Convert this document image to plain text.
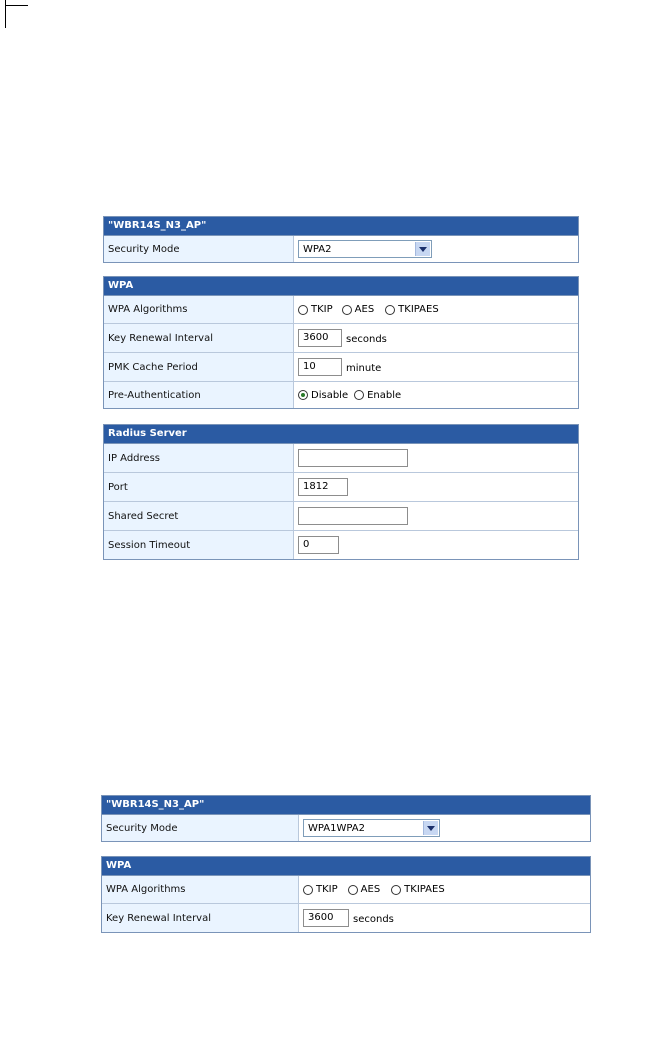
"WBR14S_N3_AP"
Security Mode	WPA2
WPA
WPA Algorithms	TKIP AES TKIPAES
Key Renewal Interval	3600	seconds
PMK Cache Period	10	minute
Pre-Authentication	Disable Enable
Radius Server
IP Address
Port	1812
Shared Secret
Session Timeout	0
"WBR14S_N3_AP"
Security Mode	WPA1WPA2
WPA
WPA Algorithms	TKIP AES TKIPAES
Key Renewal Interval	3600	seconds
